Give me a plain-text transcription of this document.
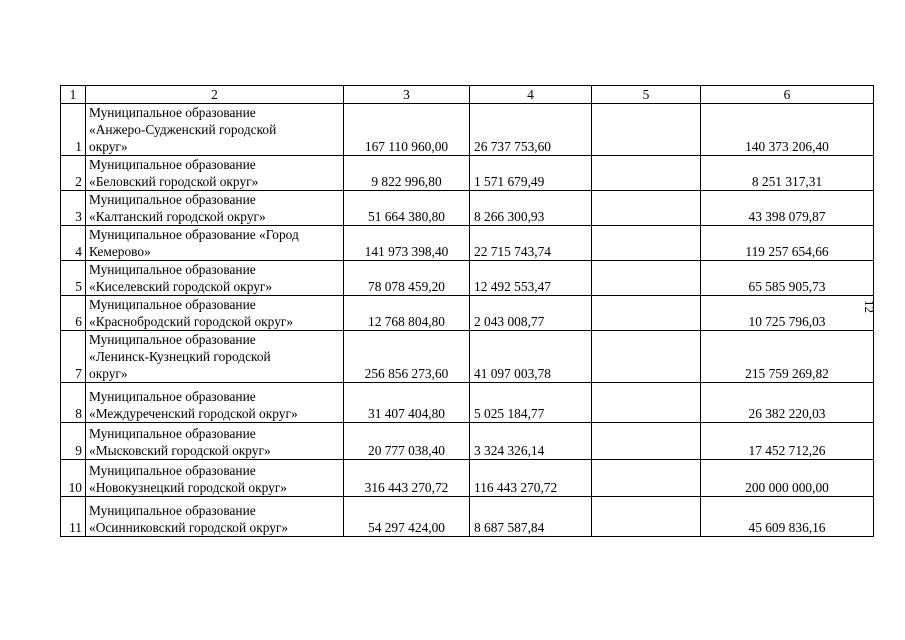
1	2	3	4	5	6
1	Муниципальное образование
«Анжеро-Судженский городской
округ»	167 110 960,00	26 737 753,60		140 373 206,40
2	Муниципальное образование
«Беловский городской округ»	9 822 996,80	1 571 679,49		8 251 317,31
3	Муниципальное образование
«Калтанский городской округ»	51 664 380,80	8 266 300,93		43 398 079,87
4	Муниципальное образование «Город
Кемерово»	141 973 398,40	22 715 743,74		119 257 654,66
5	Муниципальное образование
«Киселевский городской округ»	78 078 459,20	12 492 553,47		65 585 905,73
6	Муниципальное образование
«Краснобродский городской округ»	12 768 804,80	2 043 008,77		10 725 796,03
7	Муниципальное образование
«Ленинск-Кузнецкий городской
округ»	256 856 273,60	41 097 003,78		215 759 269,82
8	Муниципальное образование
«Междуреченский городской округ»	31 407 404,80	5 025 184,77		26 382 220,03
9	Муниципальное образование
«Мысковский городской округ»	20 777 038,40	3 324 326,14		17 452 712,26
10	Муниципальное образование
«Новокузнецкий городской округ»	316 443 270,72	116 443 270,72		200 000 000,00
11	Муниципальное образование
«Осинниковский городской округ»	54 297 424,00	8 687 587,84		45 609 836,16
12
